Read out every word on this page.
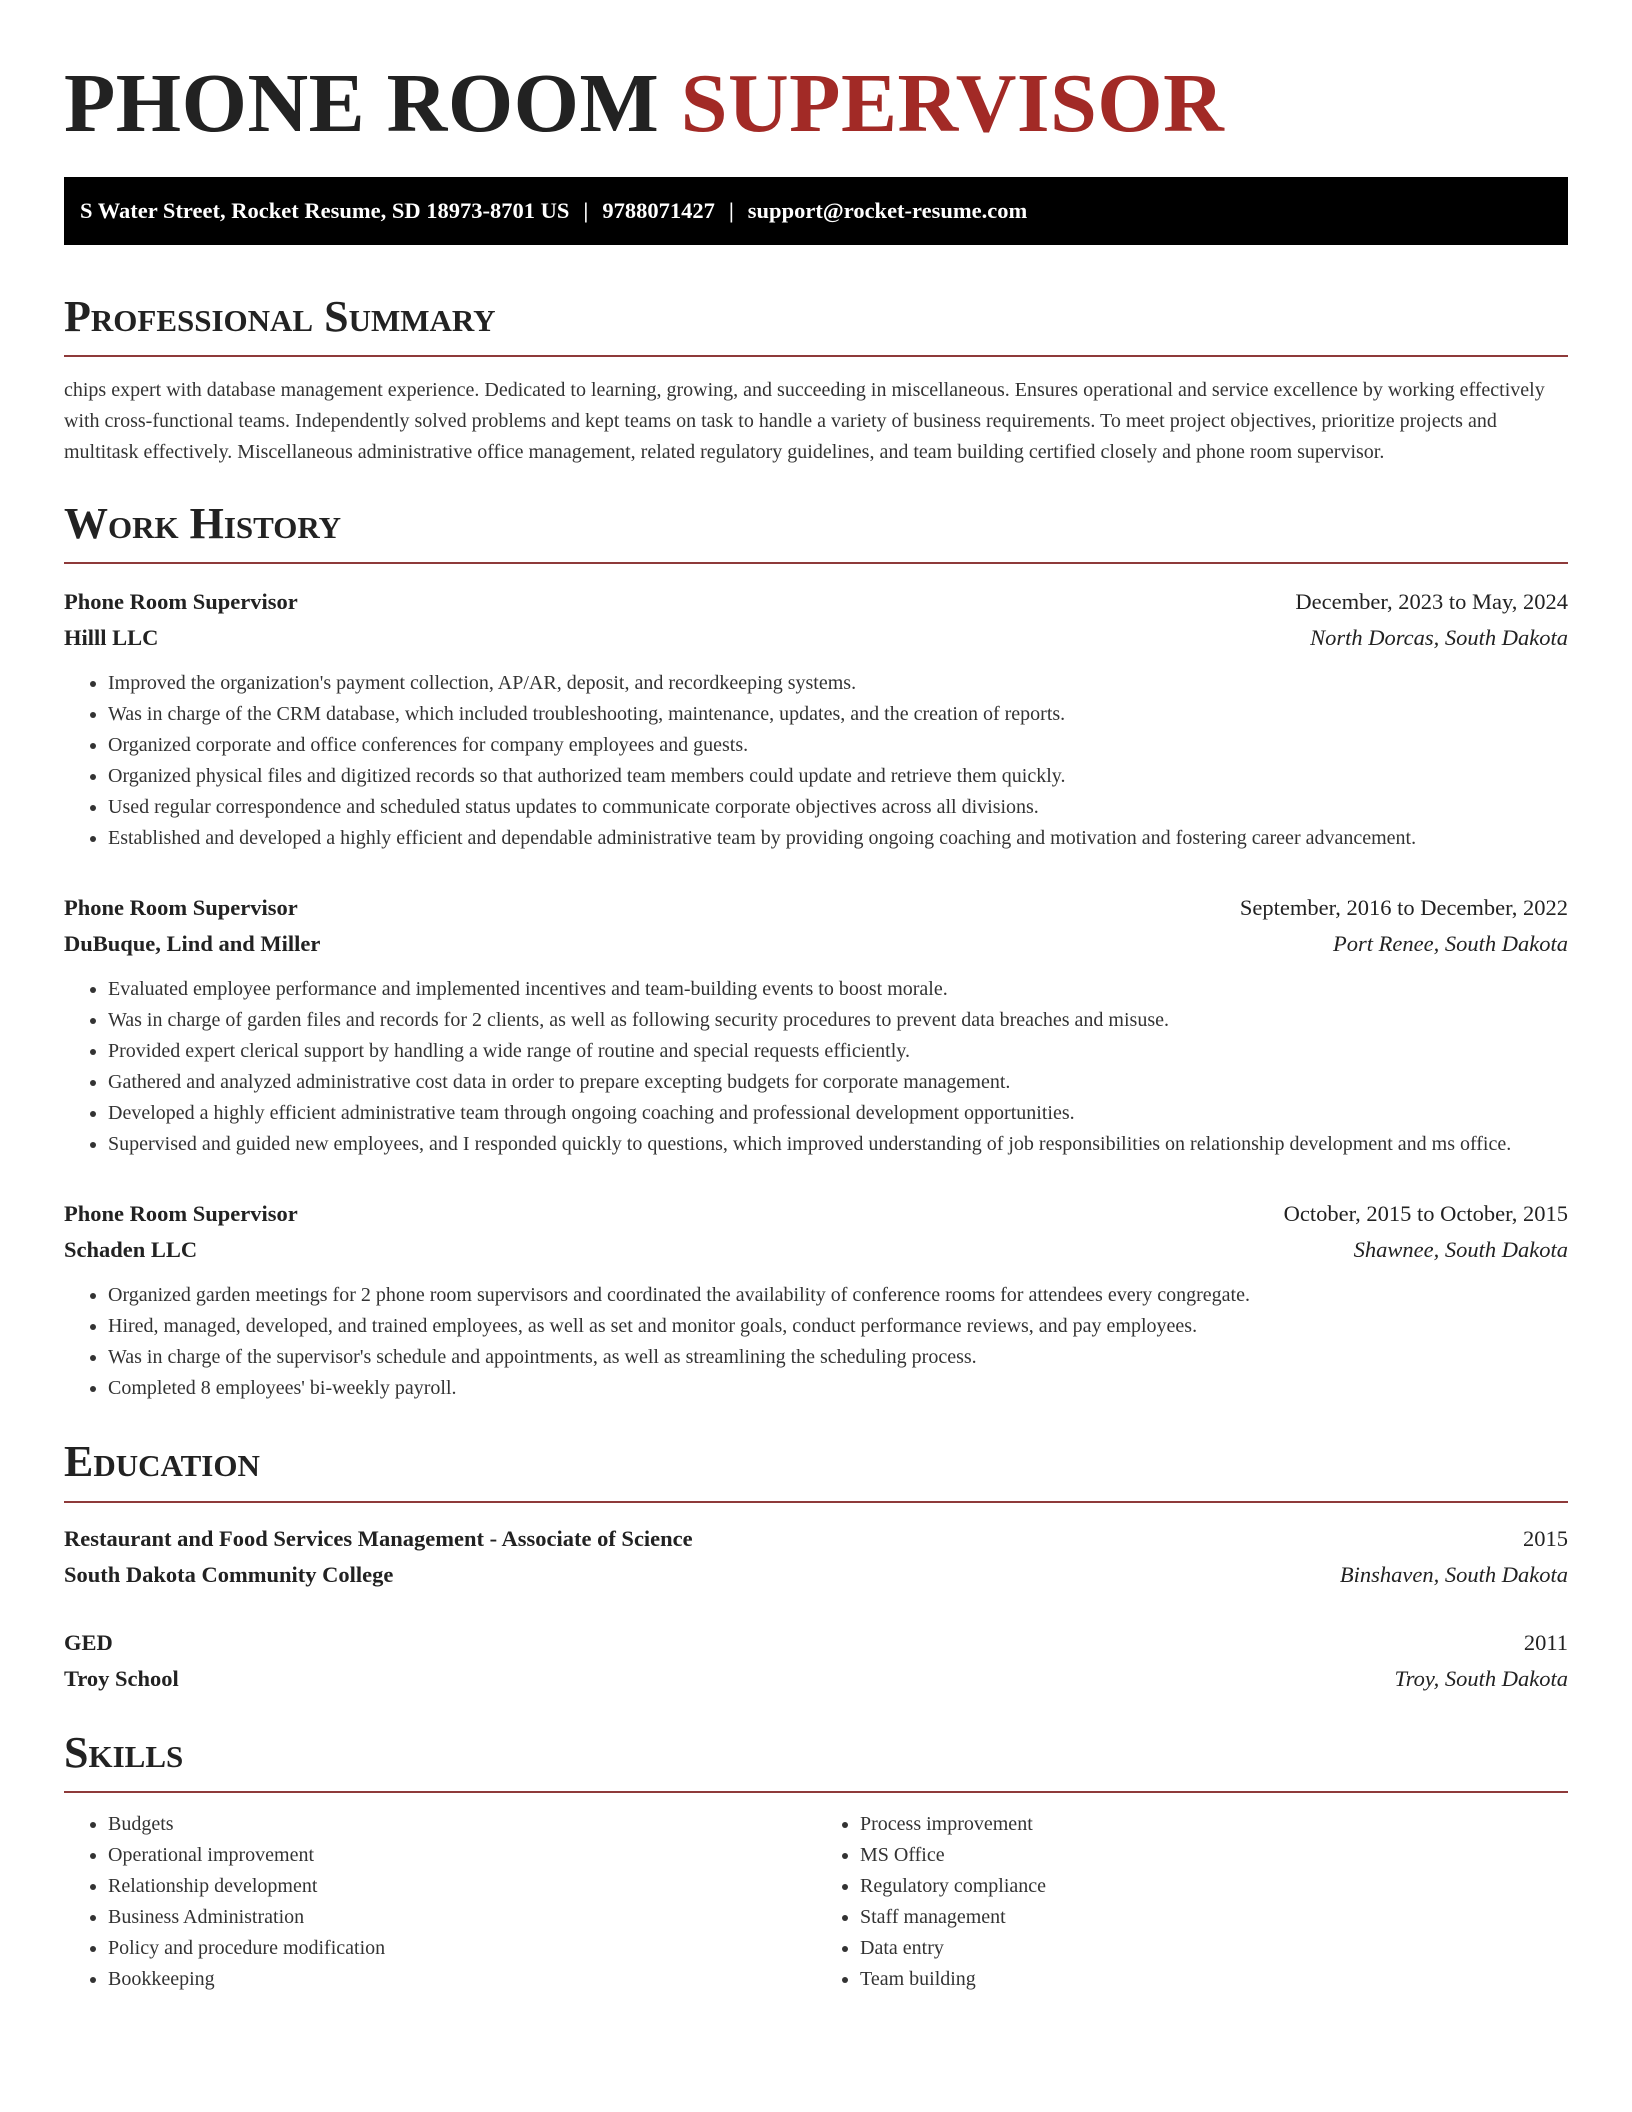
PHONE ROOM SUPERVISOR
S Water Street, Rocket Resume, SD 18973-8701 US | 9788071427 | support@rocket-resume.com
Professional Summary

chips expert with database management experience. Dedicated to learning, growing, and succeeding in miscellaneous. Ensures operational and service excellence by working effectively with cross-functional teams. Independently solved problems and kept teams on task to handle a variety of business requirements. To meet project objectives, prioritize projects and multitask effectively. Miscellaneous administrative office management, related regulatory guidelines, and team building certified closely and phone room supervisor.

Work History
Phone Room Supervisor	December, 2023 to May, 2024
Hilll LLC	North Dorcas, South Dakota
• Improved the organization's payment collection, AP/AR, deposit, and recordkeeping systems.
• Was in charge of the CRM database, which included troubleshooting, maintenance, updates, and the creation of reports.
• Organized corporate and office conferences for company employees and guests.
• Organized physical files and digitized records so that authorized team members could update and retrieve them quickly.
• Used regular correspondence and scheduled status updates to communicate corporate objectives across all divisions.
• Established and developed a highly efficient and dependable administrative team by providing ongoing coaching and motivation and fostering career advancement.
Phone Room Supervisor	September, 2016 to December, 2022
DuBuque, Lind and Miller	Port Renee, South Dakota
• Evaluated employee performance and implemented incentives and team-building events to boost morale.
• Was in charge of garden files and records for 2 clients, as well as following security procedures to prevent data breaches and misuse.
• Provided expert clerical support by handling a wide range of routine and special requests efficiently.
• Gathered and analyzed administrative cost data in order to prepare excepting budgets for corporate management.
• Developed a highly efficient administrative team through ongoing coaching and professional development opportunities.
• Supervised and guided new employees, and I responded quickly to questions, which improved understanding of job responsibilities on relationship development and ms office.
Phone Room Supervisor	October, 2015 to October, 2015
Schaden LLC	Shawnee, South Dakota
• Organized garden meetings for 2 phone room supervisors and coordinated the availability of conference rooms for attendees every congregate.
• Hired, managed, developed, and trained employees, as well as set and monitor goals, conduct performance reviews, and pay employees.
• Was in charge of the supervisor's schedule and appointments, as well as streamlining the scheduling process.
• Completed 8 employees' bi-weekly payroll.
Education
Restaurant and Food Services Management - Associate of Science	2015
South Dakota Community College	Binshaven, South Dakota
GED	2011
Troy School	Troy, South Dakota
Skills
• Budgets
• Operational improvement
• Relationship development
• Business Administration
• Policy and procedure modification
• Bookkeeping
• Process improvement
• MS Office
• Regulatory compliance
• Staff management
• Data entry
• Team building
